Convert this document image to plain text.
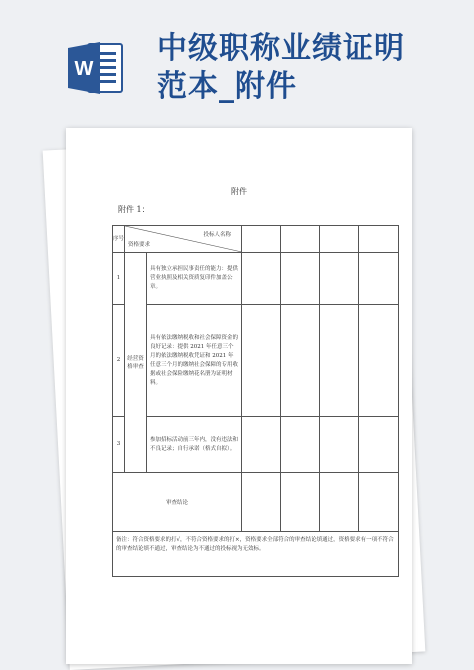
W
中级职称业绩证明
范本_附件
附件
附件 1：
序号	投标人名称
资格要求					

1	经营资格审查	具有独立承担民事责任的能力：提供营业执照及相关资质复印件加盖公章。				
2		具有依法缴纳税收和社会保障资金的良好记录：提供 2021 年任意三个月的依法缴纳税收凭证和 2021 年任意三个月的缴纳社会保障的专用收据或社会保险缴纳花名册为证明材料。				
3		参加招标活动前三年内，没有违法和不良记录；自行承诺（格式自拟）。				
审查结论						
备注：符合资格要求的打√，不符合资格要求的打×，资格要求全部符合的审查结论填通过，资格要求有一项不符合的审查结论填不通过，审查结论为不通过的投标视为无效标。						
